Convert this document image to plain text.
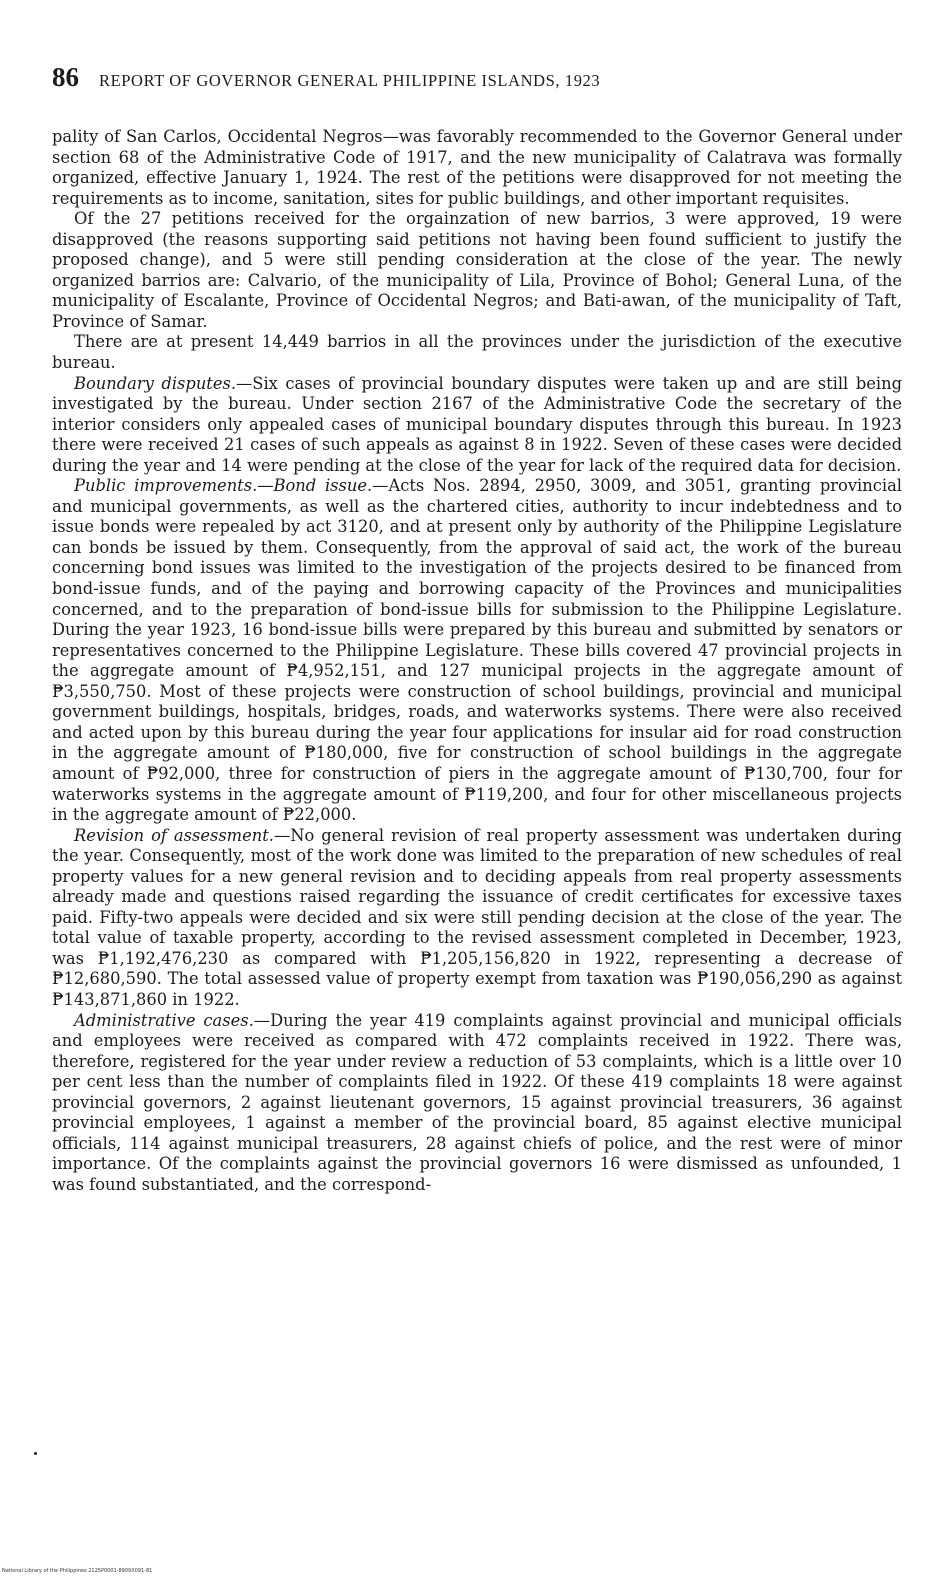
86 REPORT OF GOVERNOR GENERAL PHILIPPINE ISLANDS, 1923

pality of San Carlos, Occidental Negros—was favorably recommended to the Governor General under section 68 of the Administrative Code of 1917, and the new municipality of Calatrava was formally organized, effective January 1, 1924. The rest of the petitions were disapproved for not meeting the requirements as to income, sanitation, sites for public buildings, and other important requisites.

Of the 27 petitions received for the orgainzation of new barrios, 3 were approved, 19 were disapproved (the reasons supporting said petitions not having been found sufficient to justify the proposed change), and 5 were still pending consideration at the close of the year. The newly organized barrios are: Calvario, of the municipality of Lila, Province of Bohol; General Luna, of the municipality of Escalante, Province of Occidental Negros; and Bati-awan, of the municipality of Taft, Province of Samar.

There are at present 14,449 barrios in all the provinces under the jurisdiction of the executive bureau.

Boundary disputes.—Six cases of provincial boundary disputes were taken up and are still being investigated by the bureau. Under section 2167 of the Administrative Code the secretary of the interior considers only appealed cases of municipal boundary disputes through this bureau. In 1923 there were received 21 cases of such appeals as against 8 in 1922. Seven of these cases were decided during the year and 14 were pending at the close of the year for lack of the required data for decision.

Public improvements.—Bond issue.—Acts Nos. 2894, 2950, 3009, and 3051, granting provincial and municipal governments, as well as the chartered cities, authority to incur indebtedness and to issue bonds were repealed by act 3120, and at present only by authority of the Philippine Legislature can bonds be issued by them. Consequently, from the approval of said act, the work of the bureau concerning bond issues was limited to the investigation of the projects desired to be financed from bond-issue funds, and of the paying and borrowing capacity of the Provinces and municipalities concerned, and to the preparation of bond-issue bills for submission to the Philippine Legislature. During the year 1923, 16 bond-issue bills were prepared by this bureau and submitted by senators or representatives concerned to the Philippine Legislature. These bills covered 47 provincial projects in the aggregate amount of ₱4,952,151, and 127 municipal projects in the aggregate amount of ₱3,550,750. Most of these projects were construction of school buildings, provincial and municipal government buildings, hospitals, bridges, roads, and waterworks systems. There were also received and acted upon by this bureau during the year four applications for insular aid for road construction in the aggregate amount of ₱180,000, five for construction of school buildings in the aggregate amount of ₱92,000, three for construction of piers in the aggregate amount of ₱130,700, four for waterworks systems in the aggregate amount of ₱119,200, and four for other miscellaneous projects in the aggregate amount of ₱22,000.

Revision of assessment.—No general revision of real property assessment was undertaken during the year. Consequently, most of the work done was limited to the preparation of new schedules of real property values for a new general revision and to deciding appeals from real property assessments already made and questions raised regarding the issuance of credit certificates for excessive taxes paid. Fifty-two appeals were decided and six were still pending decision at the close of the year. The total value of taxable property, according to the revised assessment completed in December, 1923, was ₱1,192,476,230 as compared with ₱1,205,156,820 in 1922, representing a decrease of ₱12,680,590. The total assessed value of property exempt from taxation was ₱190,056,290 as against ₱143,871,860 in 1922.

Administrative cases.—During the year 419 complaints against provincial and municipal officials and employees were received as compared with 472 complaints received in 1922. There was, therefore, registered for the year under review a reduction of 53 complaints, which is a little over 10 per cent less than the number of complaints filed in 1922. Of these 419 complaints 18 were against provincial governors, 2 against lieutenant governors, 15 against provincial treasurers, 36 against provincial employees, 1 against a member of the provincial board, 85 against elective municipal officials, 114 against municipal treasurers, 28 against chiefs of police, and the rest were of minor importance. Of the complaints against the provincial governors 16 were dismissed as unfounded, 1 was found substantiated, and the correspond-

National Library of the Philippines 2125P0001-8909X091-81
